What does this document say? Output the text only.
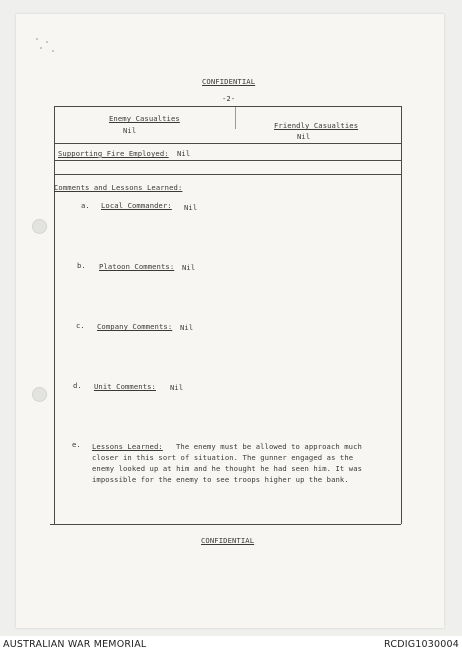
CONFIDENTIAL
-2-
Enemy Casualties
Nil
Friendly Casualties
Nil
Supporting Fire Employed: Nil
Comments and Lessons Learned:
a. Local Commander: Nil
b. Platoon Comments: Nil
c. Company Comments: Nil
d. Unit Comments: Nil
e. Lessons Learned: The enemy must be allowed to approach much
closer in this sort of situation. The gunner engaged as the
enemy looked up at him and he thought he had seen him. It was
impossible for the enemy to see troops higher up the bank.
CONFIDENTIAL
AUSTRALIAN WAR MEMORIAL	RCDIG1030004
